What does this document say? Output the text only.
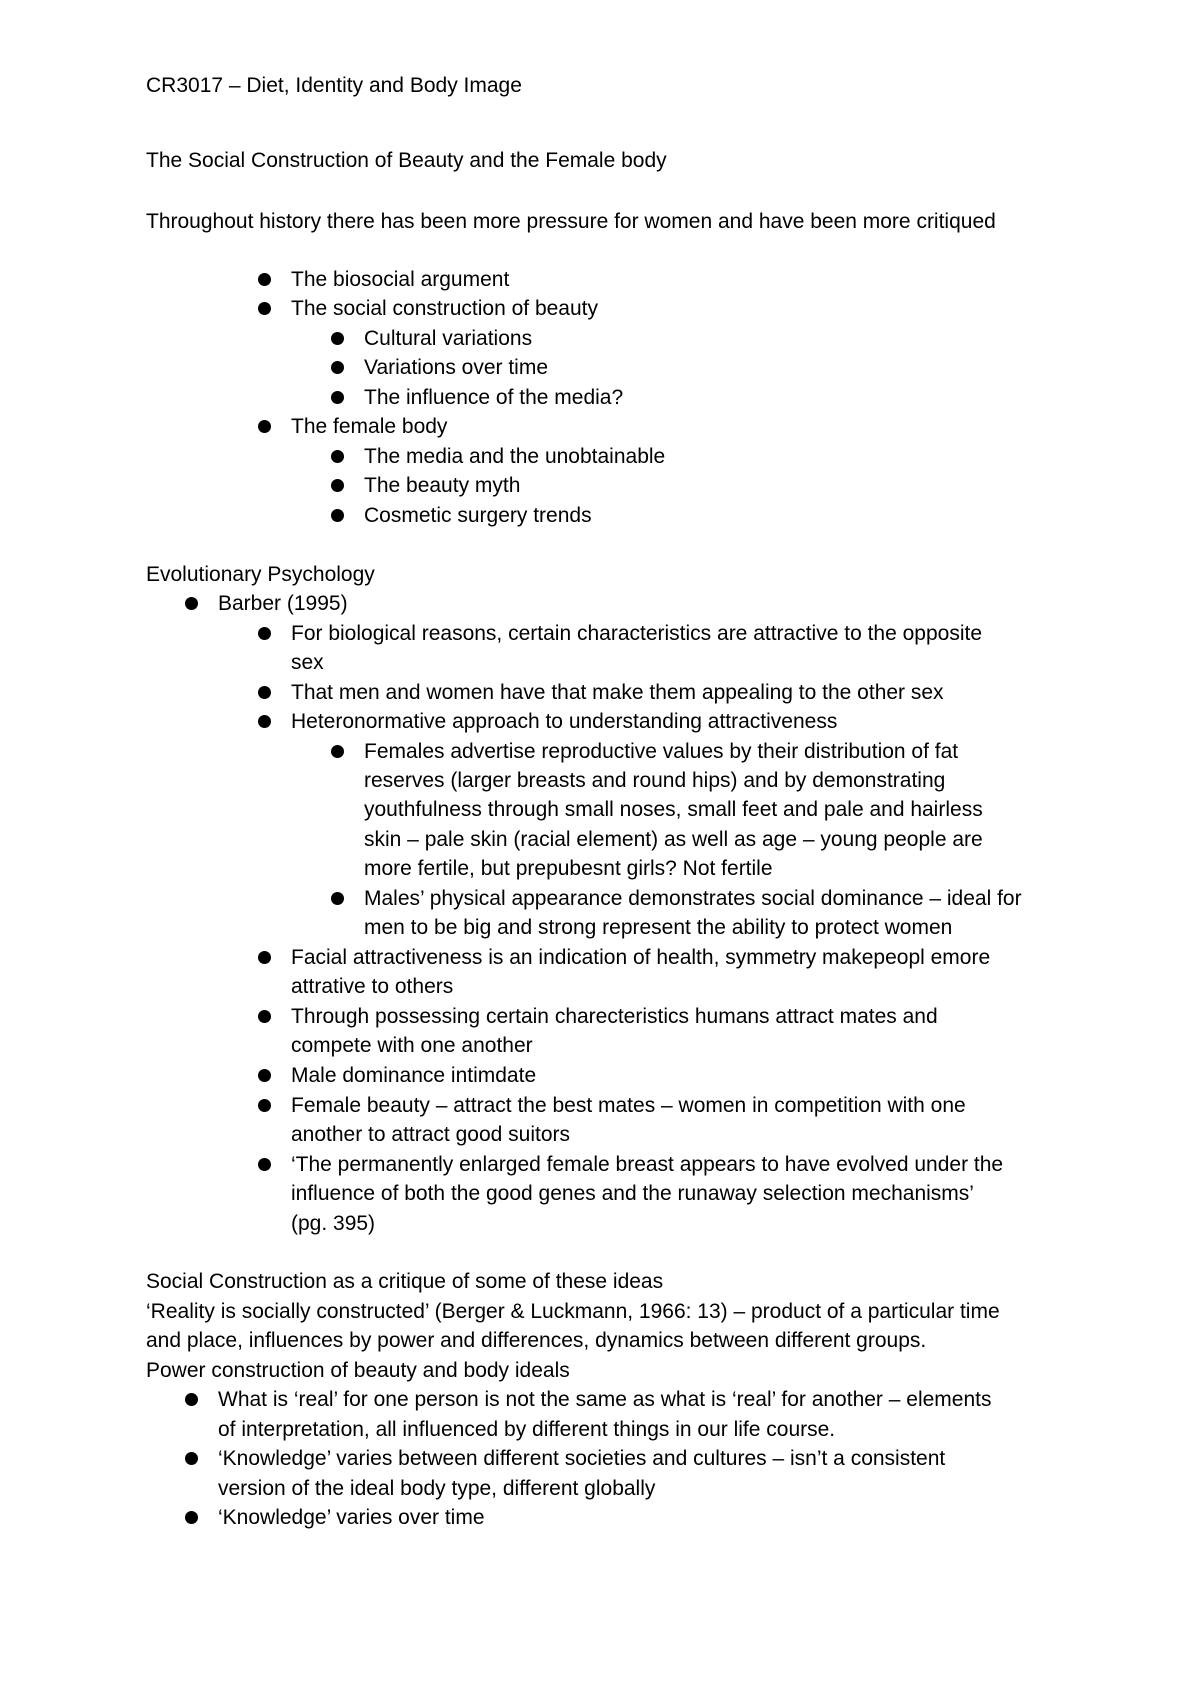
CR3017 – Diet, Identity and Body Image
The Social Construction of Beauty and the Female body
Throughout history there has been more pressure for women and have been more critiqued
The biosocial argument
The social construction of beauty
Cultural variations
Variations over time
The influence of the media?
The female body
The media and the unobtainable
The beauty myth
Cosmetic surgery trends
Evolutionary Psychology
Barber (1995)
For biological reasons, certain characteristics are attractive to the opposite
sex
That men and women have that make them appealing to the other sex
Heteronormative approach to understanding attractiveness
Females advertise reproductive values by their distribution of fat
reserves (larger breasts and round hips) and by demonstrating
youthfulness through small noses, small feet and pale and hairless
skin – pale skin (racial element) as well as age – young people are
more fertile, but prepubesnt girls? Not fertile
Males’ physical appearance demonstrates social dominance – ideal for
men to be big and strong represent the ability to protect women
Facial attractiveness is an indication of health, symmetry makepeopl emore
attrative to others
Through possessing certain charecteristics humans attract mates and
compete with one another
Male dominance intimdate
Female beauty – attract the best mates – women in competition with one
another to attract good suitors
‘The permanently enlarged female breast appears to have evolved under the
influence of both the good genes and the runaway selection mechanisms’
(pg. 395)
Social Construction as a critique of some of these ideas
‘Reality is socially constructed’ (Berger & Luckmann, 1966: 13) – product of a particular time
and place, influences by power and differences, dynamics between different groups.
Power construction of beauty and body ideals
What is ‘real’ for one person is not the same as what is ‘real’ for another – elements
of interpretation, all influenced by different things in our life course.
‘Knowledge’ varies between different societies and cultures – isn’t a consistent
version of the ideal body type, different globally
‘Knowledge’ varies over time
